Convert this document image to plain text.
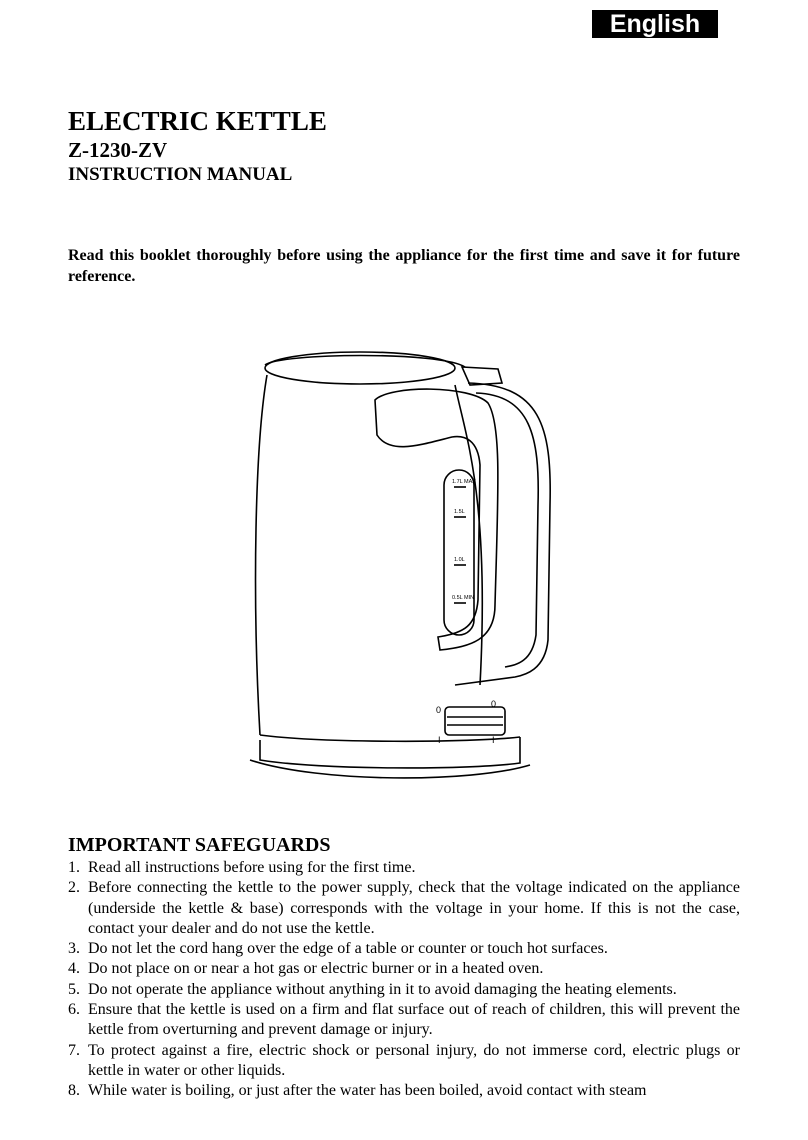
English
ELECTRIC KETTLE
Z-1230-ZV
INSTRUCTION MANUAL

Read this booklet thoroughly before using the appliance for the first time and save it for future reference.

1.7L MAX
1.5L
1.0L
0.5L MIN
0
0
I	I
IMPORTANT SAFEGUARDS
1. Read all instructions before using for the first time.
2. Before connecting the kettle to the power supply, check that the voltage indicated on the appliance (underside the kettle & base) corresponds with the voltage in your home. If this is not the case, contact your dealer and do not use the kettle.
3. Do not let the cord hang over the edge of a table or counter or touch hot surfaces.
4. Do not place on or near a hot gas or electric burner or in a heated oven.
5. Do not operate the appliance without anything in it to avoid damaging the heating elements.
6. Ensure that the kettle is used on a firm and flat surface out of reach of children, this will prevent the kettle from overturning and prevent damage or injury.
7. To protect against a fire, electric shock or personal injury, do not immerse cord, electric plugs or kettle in water or other liquids.
8. While water is boiling, or just after the water has been boiled, avoid contact with steam
